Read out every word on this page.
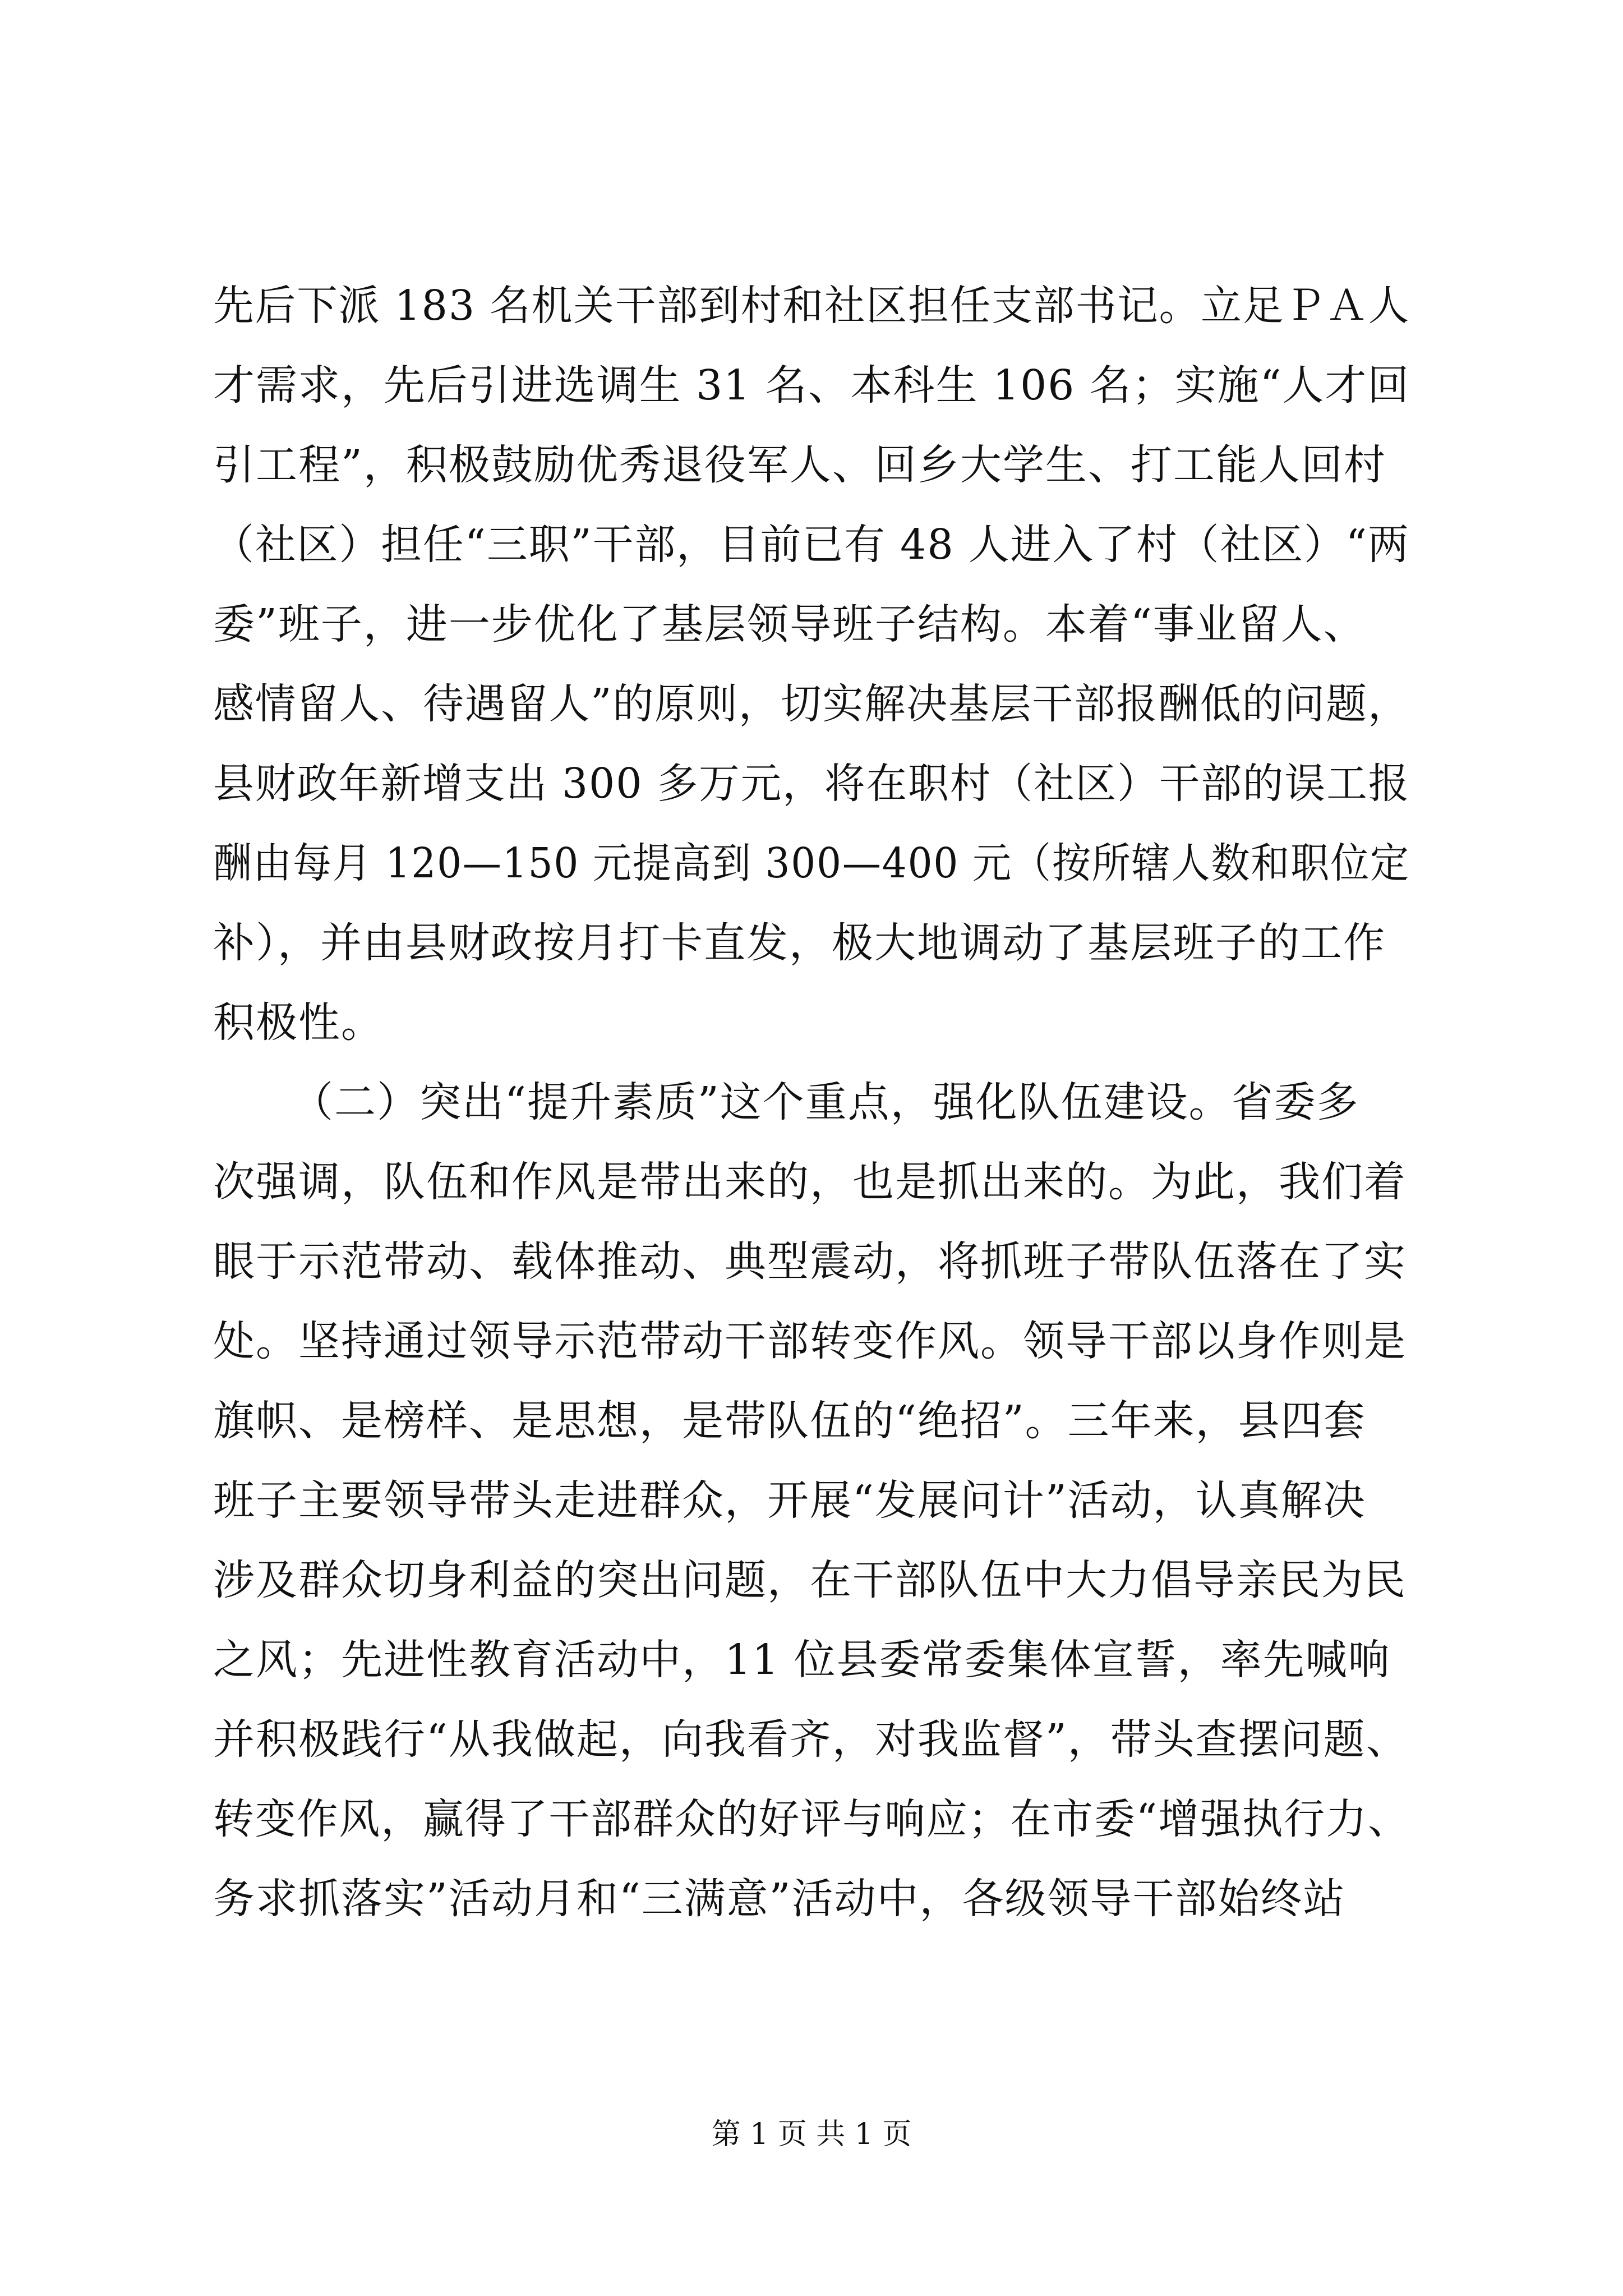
先后下派 183 名机关干部到村和社区担任支部书记。立足ＰＡ人
才需求，先后引进选调生 31 名、本科生 106 名；实施“人才回
引工程”，积极鼓励优秀退役军人、回乡大学生、打工能人回村
（社区）担任“三职”干部，目前已有 48 人进入了村（社区）“两
委”班子，进一步优化了基层领导班子结构。本着“事业留人、
感情留人、待遇留人”的原则，切实解决基层干部报酬低的问题，
县财政年新增支出 300 多万元，将在职村（社区）干部的误工报
酬由每月 120—150 元提高到 300—400 元（按所辖人数和职位定
补），并由县财政按月打卡直发，极大地调动了基层班子的工作
积极性。
（二）突出“提升素质”这个重点，强化队伍建设。省委多
次强调，队伍和作风是带出来的，也是抓出来的。为此，我们着
眼于示范带动、载体推动、典型震动，将抓班子带队伍落在了实
处。坚持通过领导示范带动干部转变作风。领导干部以身作则是
旗帜、是榜样、是思想，是带队伍的“绝招”。三年来，县四套
班子主要领导带头走进群众，开展“发展问计”活动，认真解决
涉及群众切身利益的突出问题，在干部队伍中大力倡导亲民为民
之风；先进性教育活动中，11 位县委常委集体宣誓，率先喊响
并积极践行“从我做起，向我看齐，对我监督”，带头查摆问题、
转变作风，赢得了干部群众的好评与响应；在市委“增强执行力、
务求抓落实”活动月和“三满意”活动中，各级领导干部始终站
第 1 页 共 1 页
